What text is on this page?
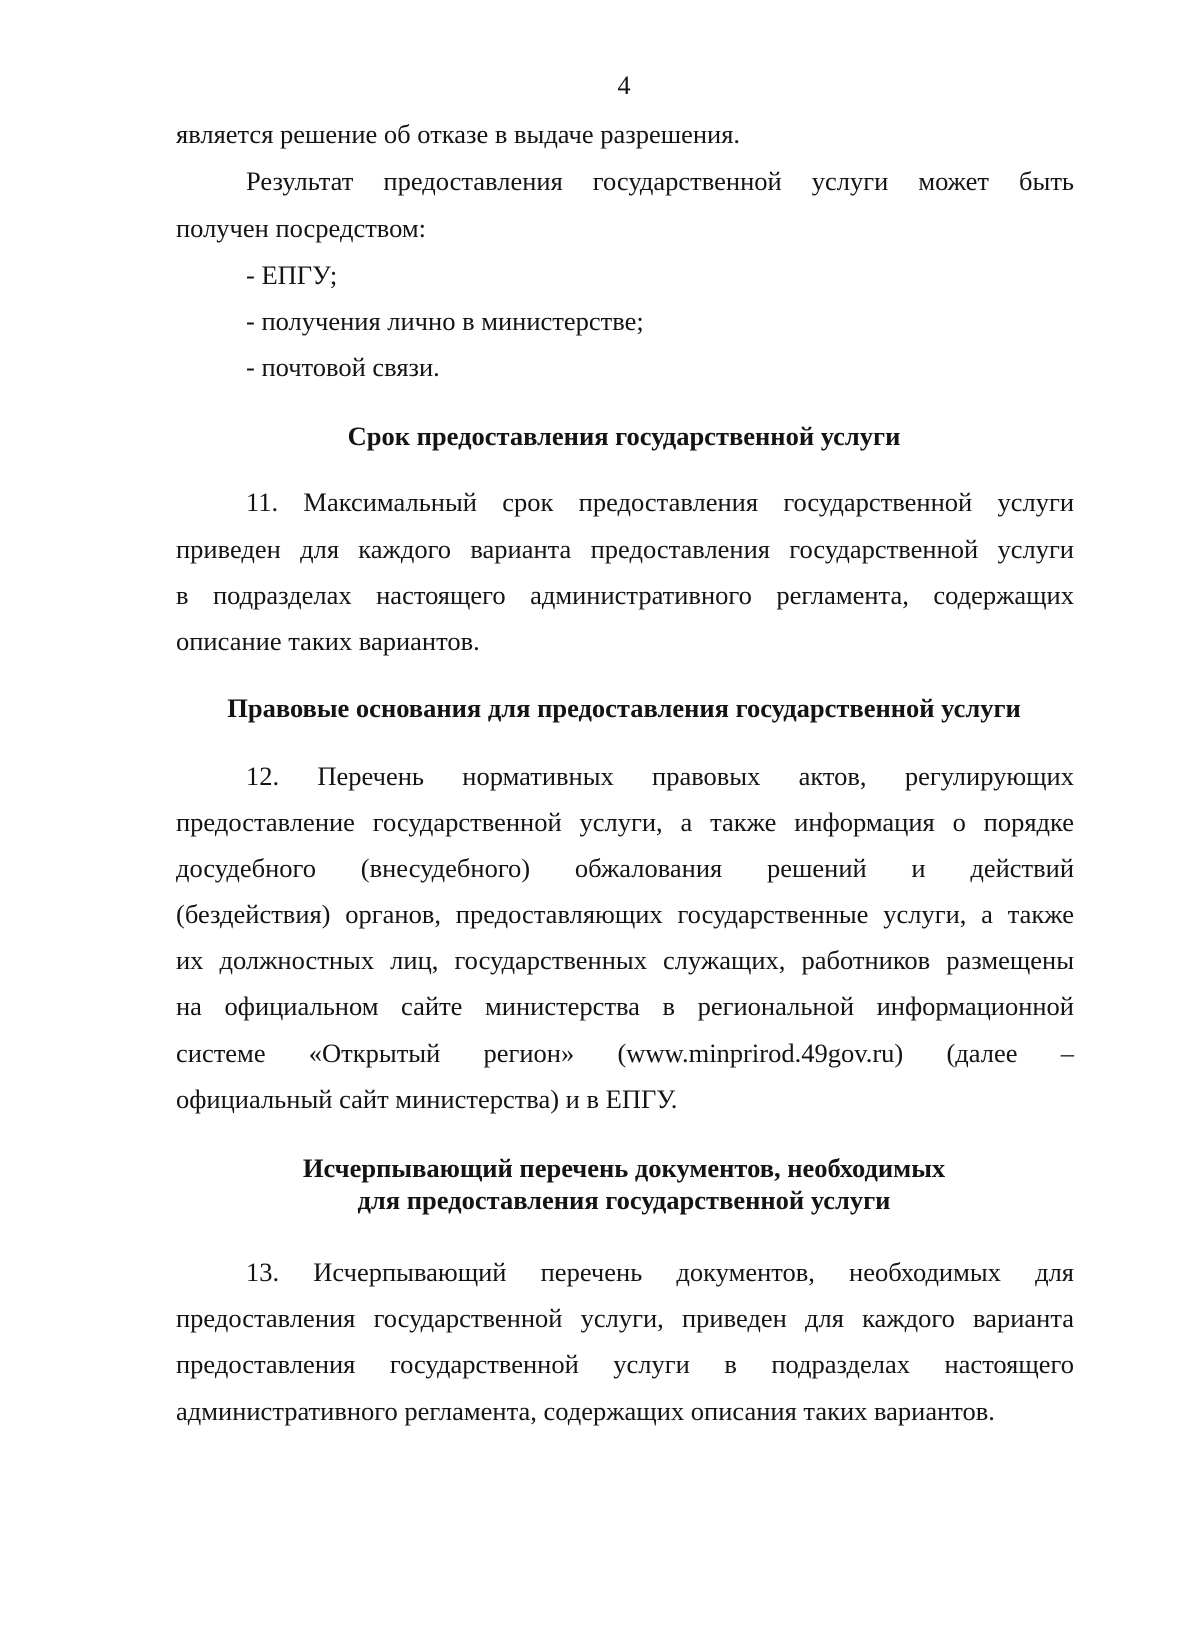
4
является решение об отказе в выдаче разрешения.
Результат предоставления государственной услуги может быть
получен посредством:
- ЕПГУ;
- получения лично в министерстве;
- почтовой связи.
Срок предоставления государственной услуги
11. Максимальный срок предоставления государственной услуги
приведен для каждого варианта предоставления государственной услуги
в подразделах настоящего административного регламента, содержащих
описание таких вариантов.
Правовые основания для предоставления государственной услуги
12. Перечень нормативных правовых актов, регулирующих
предоставление государственной услуги, а также информация о порядке
досудебного (внесудебного) обжалования решений и действий
(бездействия) органов, предоставляющих государственные услуги, а также
их должностных лиц, государственных служащих, работников размещены
на официальном сайте министерства в региональной информационной
системе «Открытый регион» (www.minprirod.49gov.ru) (далее –
официальный сайт министерства) и в ЕПГУ.
Исчерпывающий перечень документов, необходимых
для предоставления государственной услуги
13. Исчерпывающий перечень документов, необходимых для
предоставления государственной услуги, приведен для каждого варианта
предоставления государственной услуги в подразделах настоящего
административного регламента, содержащих описания таких вариантов.
